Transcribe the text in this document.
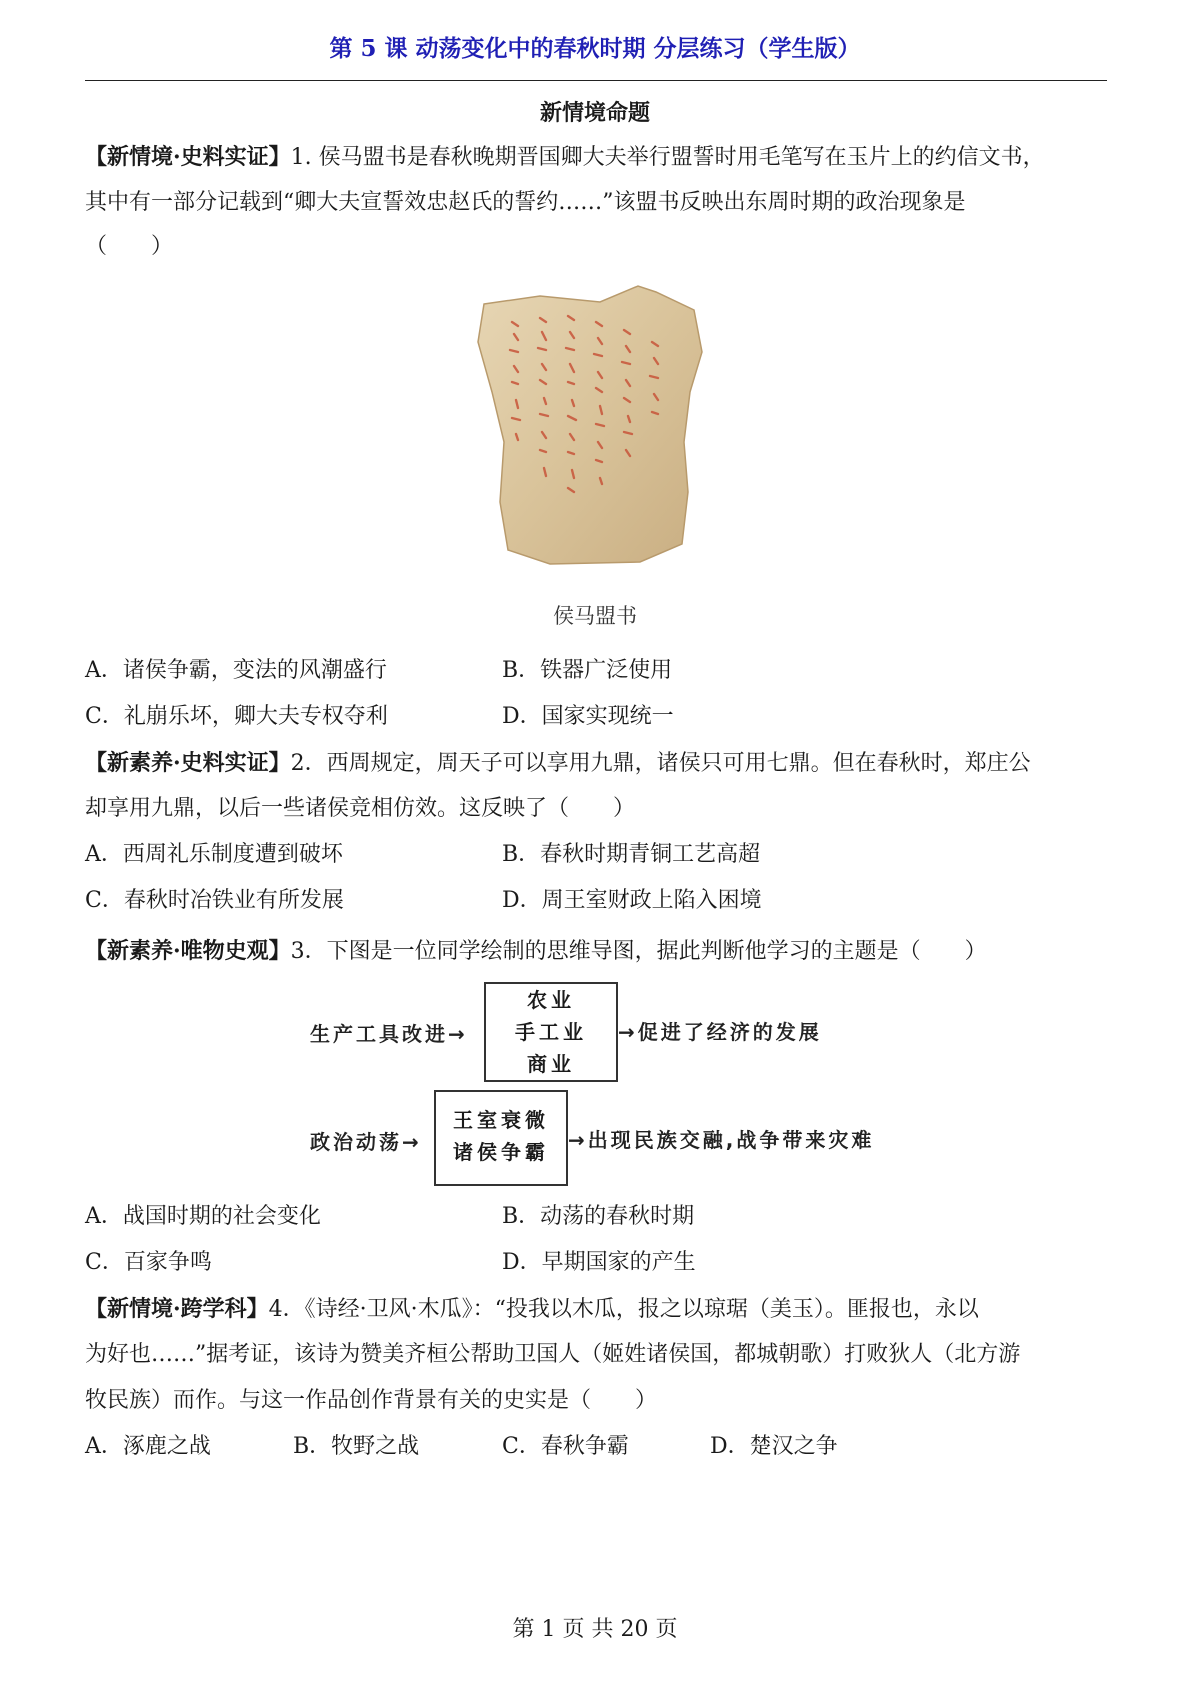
第 5 课 动荡变化中的春秋时期 分层练习（学生版）
新情境命题
【新情境·史料实证】1. 侯马盟书是春秋晚期晋国卿大夫举行盟誓时用毛笔写在玉片上的约信文书，
其中有一部分记载到“卿大夫宣誓效忠赵氏的誓约……”该盟书反映出东周时期的政治现象是
（　　）
侯马盟书
A．诸侯争霸，变法的风潮盛行	B．铁器广泛使用
C．礼崩乐坏，卿大夫专权夺利	D．国家实现统一
【新素养·史料实证】2．西周规定，周天子可以享用九鼎，诸侯只可用七鼎。但在春秋时，郑庄公
却享用九鼎，以后一些诸侯竞相仿效。这反映了（　　）
A．西周礼乐制度遭到破坏	B．春秋时期青铜工艺高超
C．春秋时冶铁业有所发展	D．周王室财政上陷入困境
【新素养·唯物史观】3．下图是一位同学绘制的思维导图，据此判断他学习的主题是（　　）
生产工具改进→
农业
手工业
商业
→促进了经济的发展
政治动荡→
王室衰微
诸侯争霸 →出现民族交融,战争带来灾难
A．战国时期的社会变化	B．动荡的春秋时期
C．百家争鸣	D．早期国家的产生
【新情境·跨学科】4．《诗经·卫风·木瓜》：“投我以木瓜，报之以琼琚（美玉）。匪报也，永以
为好也……”据考证，该诗为赞美齐桓公帮助卫国人（姬姓诸侯国，都城朝歌）打败狄人（北方游
牧民族）而作。与这一作品创作背景有关的史实是（　　）
A．涿鹿之战	B．牧野之战	C．春秋争霸	D．楚汉之争
第 1 页 共 20 页
